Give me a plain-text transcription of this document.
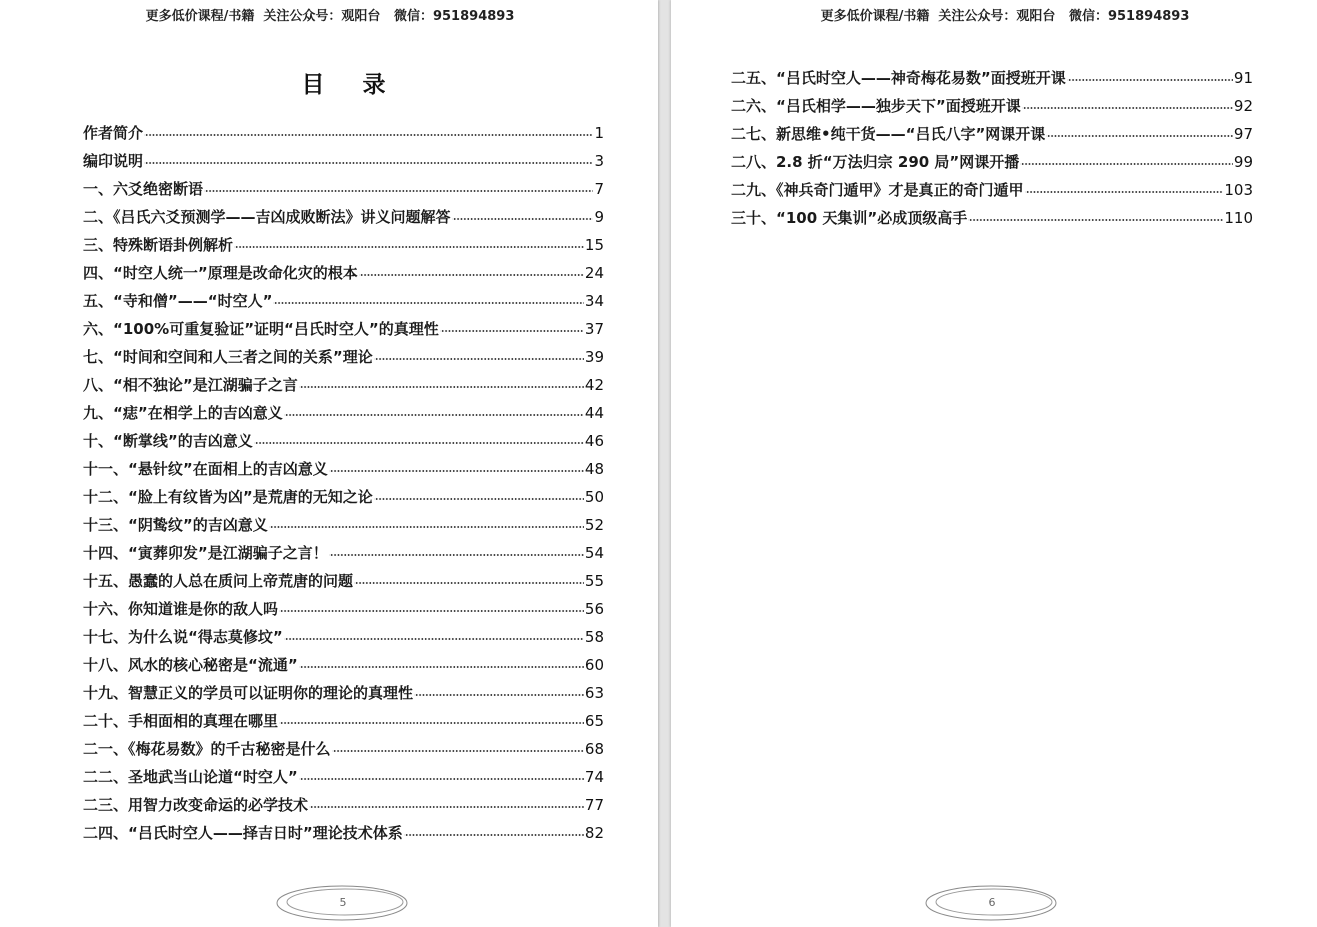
更多低价课程/书籍  关注公众号：观阳台   微信：951894893
目 录
作者简介	1
编印说明	3
一、六爻绝密断语	7
二、《吕氏六爻预测学——吉凶成败断法》讲义问题解答	9
三、特殊断语卦例解析	15
四、“时空人统一”原理是改命化灾的根本	24
五、“寺和僧”——“时空人”	34
六、“100%可重复验证”证明“吕氏时空人”的真理性	37
七、“时间和空间和人三者之间的关系”理论	39
八、“相不独论”是江湖骗子之言	42
九、“痣”在相学上的吉凶意义	44
十、“断掌线”的吉凶意义	46
十一、“悬针纹”在面相上的吉凶意义	48
十二、“脸上有纹皆为凶”是荒唐的无知之论	50
十三、“阴鸷纹”的吉凶意义	52
十四、“寅葬卯发”是江湖骗子之言！	54
十五、愚蠢的人总在质问上帝荒唐的问题	55
十六、你知道谁是你的敌人吗	56
十七、为什么说“得志莫修坟”	58
十八、风水的核心秘密是“流通”	60
十九、智慧正义的学员可以证明你的理论的真理性	63
二十、手相面相的真理在哪里	65
二一、《梅花易数》的千古秘密是什么	68
二二、圣地武当山论道“时空人”	74
二三、用智力改变命运的必学技术	77
二四、“吕氏时空人——择吉日时”理论技术体系	82
5
更多低价课程/书籍  关注公众号：观阳台   微信：951894893
二五、“吕氏时空人——神奇梅花易数”面授班开课	91
二六、“吕氏相学——独步天下”面授班开课	92
二七、新思维•纯干货——“吕氏八字”网课开课	97
二八、2.8 折“万法归宗 290 局”网课开播	99
二九、《神兵奇门遁甲》才是真正的奇门遁甲	103
三十、“100 天集训”必成顶级高手	110
6
